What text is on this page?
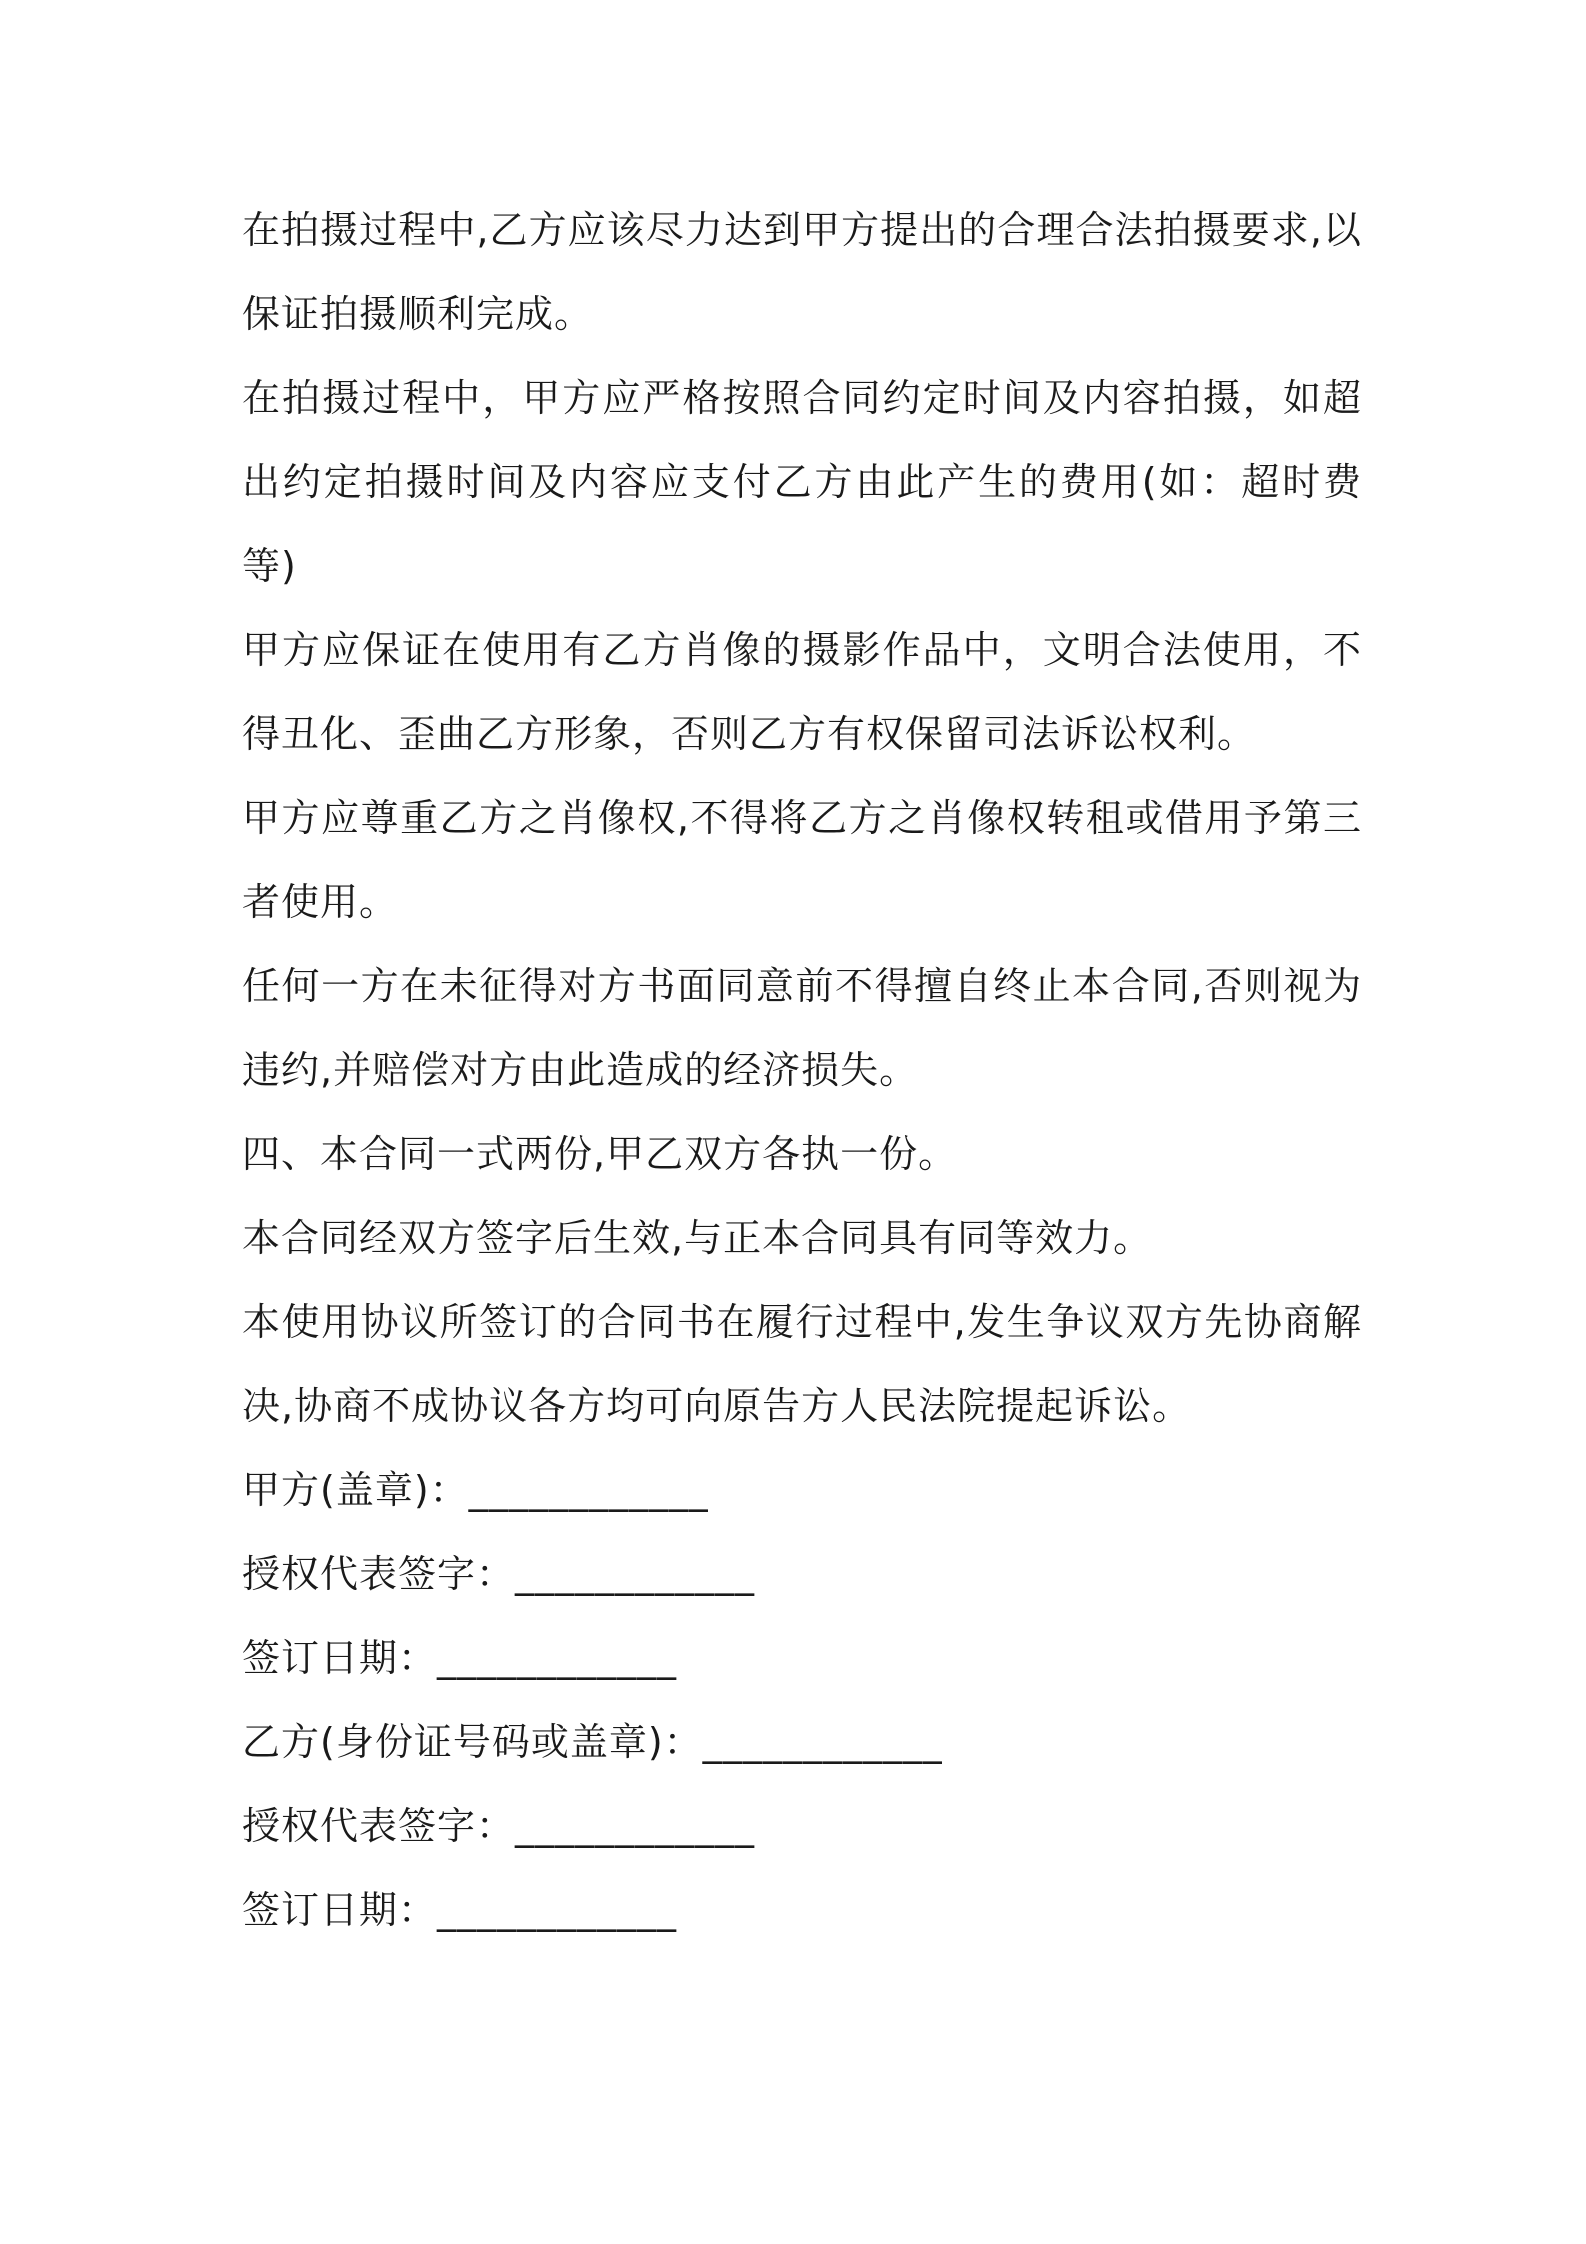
在拍摄过程中,乙方应该尽力达到甲方提出的合理合法拍摄要求,以保证拍摄顺利完成。

在拍摄过程中，甲方应严格按照合同约定时间及内容拍摄，如超出约定拍摄时间及内容应支付乙方由此产生的费用(如：超时费等)

甲方应保证在使用有乙方肖像的摄影作品中，文明合法使用，不得丑化、歪曲乙方形象，否则乙方有权保留司法诉讼权利。

甲方应尊重乙方之肖像权,不得将乙方之肖像权转租或借用予第三者使用。

任何一方在未征得对方书面同意前不得擅自终止本合同,否则视为违约,并赔偿对方由此造成的经济损失。

四、本合同一式两份,甲乙双方各执一份。

本合同经双方签字后生效,与正本合同具有同等效力。

本使用协议所签订的合同书在履行过程中,发生争议双方先协商解决,协商不成协议各方均可向原告方人民法院提起诉讼。

甲方(盖章)：____________

授权代表签字：____________

签订日期：____________

乙方(身份证号码或盖章)：____________

授权代表签字：____________

签订日期：____________
